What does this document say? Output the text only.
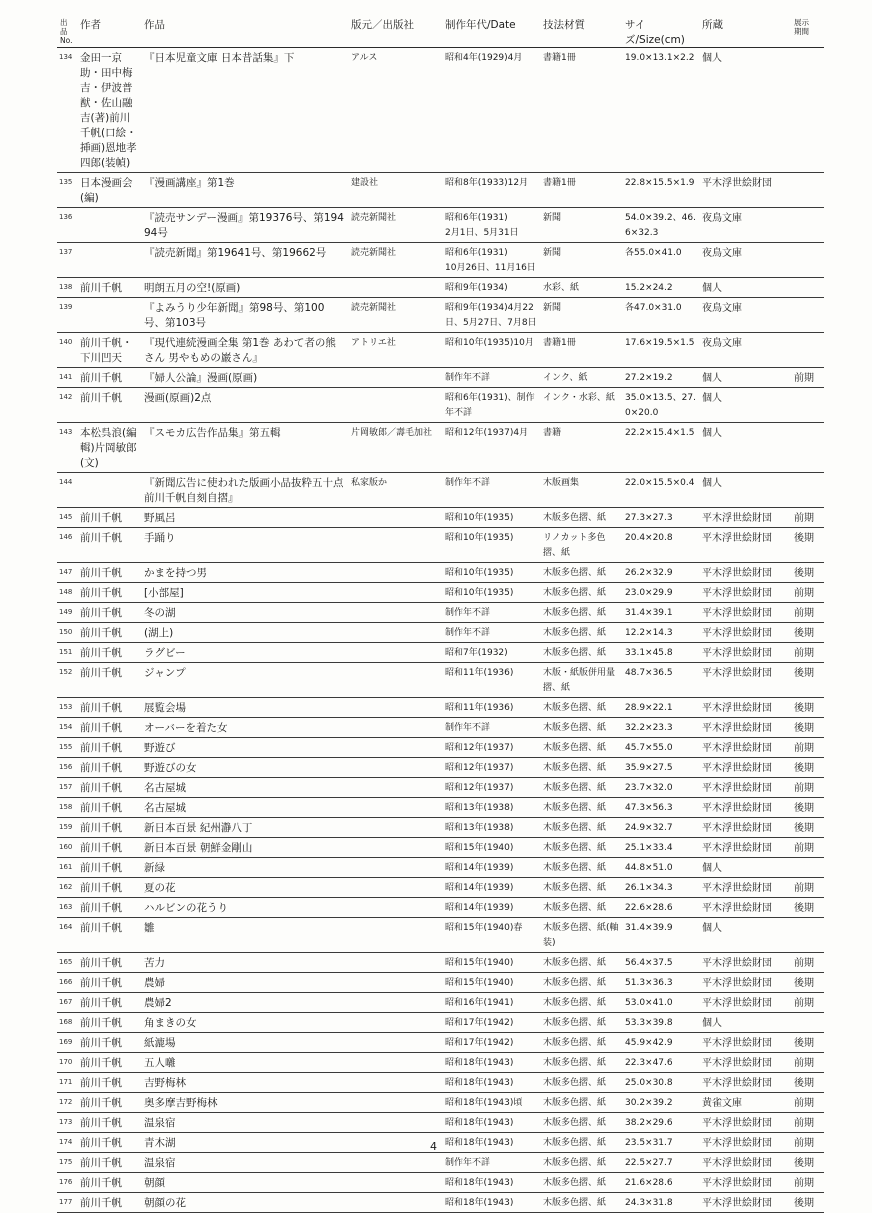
出品
No.	作者	作品	版元／出版社	制作年代/Date	技法材質	サイズ/Size(cm)	所蔵	展示
期間
134	金田一京助・田中梅吉・伊波普猷・佐山融吉(著)前川千帆(口絵・挿画)恩地孝四郎(装幀)	『日本児童文庫 日本昔話集』下	アルス	昭和4年(1929)4月	書籍1冊	19.0×13.1×2.2	個人	
135	日本漫画会(編)	『漫画講座』第1巻	建設社	昭和8年(1933)12月	書籍1冊	22.8×15.5×1.9	平木浮世絵財団	
136		『読売サンデー漫画』第19376号、第19494号	読売新聞社	昭和6年(1931)
2月1日、5月31日	新聞	54.0×39.2、46.6×32.3	夜鳥文庫	
137		『読売新聞』第19641号、第19662号	読売新聞社	昭和6年(1931)
10月26日、11月16日	新聞	各55.0×41.0	夜鳥文庫	
138	前川千帆	明朗五月の空!(原画)		昭和9年(1934)	水彩、紙	15.2×24.2	個人	
139		『よみうり少年新聞』第98号、第100号、第103号	読売新聞社	昭和9年(1934)4月22日、5月27日、7月8日	新聞	各47.0×31.0	夜鳥文庫	
140	前川千帆・下川凹天	『現代連続漫画全集 第1巻 あわて者の熊さん 男やもめの巌さん』	アトリエ社	昭和10年(1935)10月	書籍1冊	17.6×19.5×1.5	夜鳥文庫	
141	前川千帆	『婦人公論』漫画(原画)		制作年不詳	インク、紙	27.2×19.2	個人	前期
142	前川千帆	漫画(原画)2点		昭和6年(1931)、制作年不詳	インク・水彩、紙	35.0×13.5、27.0×20.0	個人	
143	本松呉浪(編輯)片岡敏郎(文)	『スモカ広告作品集』第五輯	片岡敏郎／壽毛加社	昭和12年(1937)4月	書籍	22.2×15.4×1.5	個人	
144		『新聞広告に使われた版画小品抜粋五十点 前川千帆自刻自摺』	私家版か	制作年不詳	木版画集	22.0×15.5×0.4	個人	
145	前川千帆	野風呂		昭和10年(1935)	木版多色摺、紙	27.3×27.3	平木浮世絵財団	前期
146	前川千帆	手踊り		昭和10年(1935)	リノカット多色摺、紙	20.4×20.8	平木浮世絵財団	後期
147	前川千帆	かまを持つ男		昭和10年(1935)	木版多色摺、紙	26.2×32.9	平木浮世絵財団	後期
148	前川千帆	[小部屋]		昭和10年(1935)	木版多色摺、紙	23.0×29.9	平木浮世絵財団	前期
149	前川千帆	冬の湖		制作年不詳	木版多色摺、紙	31.4×39.1	平木浮世絵財団	前期
150	前川千帆	(湖上)		制作年不詳	木版多色摺、紙	12.2×14.3	平木浮世絵財団	後期
151	前川千帆	ラグビー		昭和7年(1932)	木版多色摺、紙	33.1×45.8	平木浮世絵財団	前期
152	前川千帆	ジャンプ		昭和11年(1936)	木版・紙版併用量摺、紙	48.7×36.5	平木浮世絵財団	後期
153	前川千帆	展覧会場		昭和11年(1936)	木版多色摺、紙	28.9×22.1	平木浮世絵財団	後期
154	前川千帆	オーバーを着た女		制作年不詳	木版多色摺、紙	32.2×23.3	平木浮世絵財団	後期
155	前川千帆	野遊び		昭和12年(1937)	木版多色摺、紙	45.7×55.0	平木浮世絵財団	前期
156	前川千帆	野遊びの女		昭和12年(1937)	木版多色摺、紙	35.9×27.5	平木浮世絵財団	後期
157	前川千帆	名古屋城		昭和12年(1937)	木版多色摺、紙	23.7×32.0	平木浮世絵財団	前期
158	前川千帆	名古屋城		昭和13年(1938)	木版多色摺、紙	47.3×56.3	平木浮世絵財団	後期
159	前川千帆	新日本百景 紀州瀞八丁		昭和13年(1938)	木版多色摺、紙	24.9×32.7	平木浮世絵財団	後期
160	前川千帆	新日本百景 朝鮮金剛山		昭和15年(1940)	木版多色摺、紙	25.1×33.4	平木浮世絵財団	前期
161	前川千帆	新緑		昭和14年(1939)	木版多色摺、紙	44.8×51.0	個人	
162	前川千帆	夏の花		昭和14年(1939)	木版多色摺、紙	26.1×34.3	平木浮世絵財団	前期
163	前川千帆	ハルビンの花うり		昭和14年(1939)	木版多色摺、紙	22.6×28.6	平木浮世絵財団	後期
164	前川千帆	雛		昭和15年(1940)春	木版多色摺、紙(軸装)	31.4×39.9	個人	
165	前川千帆	苦力		昭和15年(1940)	木版多色摺、紙	56.4×37.5	平木浮世絵財団	前期
166	前川千帆	農婦		昭和15年(1940)	木版多色摺、紙	51.3×36.3	平木浮世絵財団	後期
167	前川千帆	農婦2		昭和16年(1941)	木版多色摺、紙	53.0×41.0	平木浮世絵財団	前期
168	前川千帆	角まきの女		昭和17年(1942)	木版多色摺、紙	53.3×39.8	個人	
169	前川千帆	紙漉場		昭和17年(1942)	木版多色摺、紙	45.9×42.9	平木浮世絵財団	後期
170	前川千帆	五人囃		昭和18年(1943)	木版多色摺、紙	22.3×47.6	平木浮世絵財団	前期
171	前川千帆	吉野梅林		昭和18年(1943)	木版多色摺、紙	25.0×30.8	平木浮世絵財団	後期
172	前川千帆	奥多摩吉野梅林		昭和18年(1943)頃	木版多色摺、紙	30.2×39.2	黄雀文庫	前期
173	前川千帆	温泉宿		昭和18年(1943)	木版多色摺、紙	38.2×29.6	平木浮世絵財団	前期
174	前川千帆	青木湖		昭和18年(1943)	木版多色摺、紙	23.5×31.7	平木浮世絵財団	前期
175	前川千帆	温泉宿		制作年不詳	木版多色摺、紙	22.5×27.7	平木浮世絵財団	後期
176	前川千帆	朝顔		昭和18年(1943)	木版多色摺、紙	21.6×28.6	平木浮世絵財団	前期
177	前川千帆	朝顔の花		昭和18年(1943)	木版多色摺、紙	24.3×31.8	平木浮世絵財団	後期
4
